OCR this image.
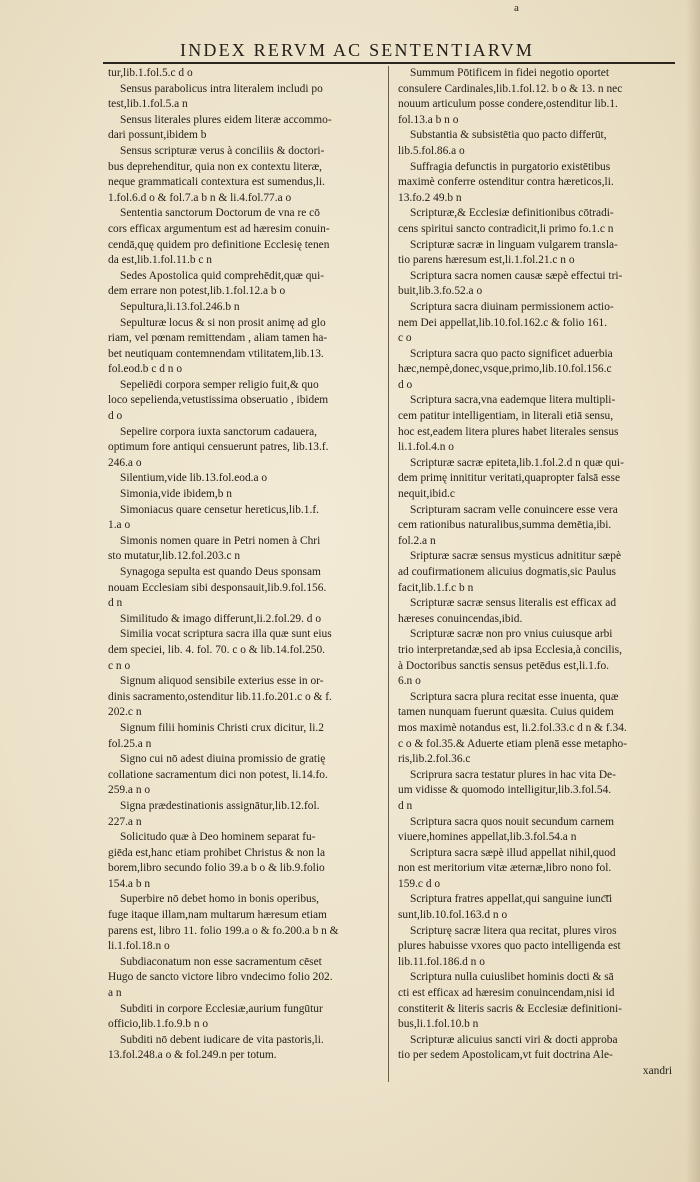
a
INDEX RERVM AC SENTENTIARVM
tur,lib.1.fol.5.c d o
Sensus parabolicus intra literalem includi po
test,lib.1.fol.5.a n
Sensus literales plures eidem literæ accommo-
dari possunt,ibidem b
Sensus scripturæ verus à conciliis & doctori-
bus deprehenditur, quia non ex contextu literæ,
neque grammaticali contextura est sumendus,li.
1.fol.6.d o & fol.7.a b n & li.4.fol.77.a o
Sententia sanctorum Doctorum de vna re cō
cors efficax argumentum est ad hæresim conuin-
cendā,quę quidem pro definitione Ecclesię tenen
da est,lib.1.fol.11.b c n
Sedes Apostolica quid comprehēdit,quæ qui-
dem errare non potest,lib.1.fol.12.a b o
Sepultura,li.13.fol.246.b n
Sepulturæ locus & si non prosit animę ad glo
riam, vel pœnam remittendam , aliam tamen ha-
bet neutiquam contemnendam vtilitatem,lib.13.
fol.eod.b c d n o
Sepeliēdi corpora semper religio fuit,& quo
loco sepelienda,vetustissima obseruatio , ibidem
d o
Sepelire corpora iuxta sanctorum cadauera,
optimum fore antiqui censuerunt patres, lib.13.f.
246.a o
Silentium,vide lib.13.fol.eod.a o
Simonia,vide ibidem,b n
Simoniacus quare censetur hereticus,lib.1.f.
1.a o
Simonis nomen quare in Petri nomen à Chri
sto mutatur,lib.12.fol.203.c n
Synagoga sepulta est quando Deus sponsam
nouam Ecclesiam sibi desponsauit,lib.9.fol.156.
d n
Similitudo & imago differunt,li.2.fol.29. d o
Similia vocat scriptura sacra illa quæ sunt eius
dem speciei, lib. 4. fol. 70. c o & lib.14.fol.250.
c n o
Signum aliquod sensibile exterius esse in or-
dinis sacramento,ostenditur lib.11.fo.201.c o & f.
202.c n
Signum filii hominis Christi crux dicitur, li.2
fol.25.a n
Signo cui nō adest diuina promissio de gratię
collatione sacramentum dici non potest, li.14.fo.
259.a n o
Signa prædestinationis assignātur,lib.12.fol.
227.a n
Solicitudo quæ à Deo hominem separat fu-
giēda est,hanc etiam prohibet Christus & non la
borem,libro secundo folio 39.a b o & lib.9.folio
154.a b n
Superbire nō debet homo in bonis operibus,
fuge itaque illam,nam multarum hæresum etiam
parens est, libro 11. folio 199.a o & fo.200.a b n &
li.1.fol.18.n o
Subdiaconatum non esse sacramentum cēset
Hugo de sancto victore libro vndecimo folio 202.
a n
Subditi in corpore Ecclesiæ,aurium fungūtur
officio,lib.1.fo.9.b n o
Subditi nō debent iudicare de vita pastoris,li.
13.fol.248.a o & fol.249.n per totum.
Summum Pōtificem in fidei negotio oportet
consulere Cardinales,lib.1.fol.12. b o & 13. n nec
nouum articulum posse condere,ostenditur lib.1.
fol.13.a b n o
Substantia & subsistētia quo pacto differūt,
lib.5.fol.86.a o
Suffragia defunctis in purgatorio existētibus
maximè conferre ostenditur contra hæreticos,li.
13.fo.2 49.b n
Scripturæ,& Ecclesiæ definitionibus cōtradi-
cens spiritui sancto contradicit,li primo fo.1.c n
Scripturæ sacræ in linguam vulgarem transla-
tio parens hæresum est,li.1.fol.21.c n o
Scriptura sacra nomen causæ sæpè effectui tri-
buit,lib.3.fo.52.a o
Scriptura sacra diuinam permissionem actio-
nem Dei appellat,lib.10.fol.162.c & folio 161.
c o
Scriptura sacra quo pacto significet aduerbia
hæc,nempè,donec,vsque,primo,lib.10.fol.156.c
d o
Scriptura sacra,vna eademque litera multipli-
cem patitur intelligentiam, in literali etiā sensu,
hoc est,eadem litera plures habet literales sensus
li.1.fol.4.n o
Scripturæ sacræ epiteta,lib.1.fol.2.d n quæ qui-
dem primę innititur veritati,quapropter falsā esse
nequit,ibid.c
Scripturam sacram velle conuincere esse vera
cem rationibus naturalibus,summa demētia,ibi.
fol.2.a n
Sripturæ sacræ sensus mysticus adnititur sæpè
ad coufirmationem alicuius dogmatis,sic Paulus
facit,lib.1.f.c b n
Scripturæ sacræ sensus literalis est efficax ad
hæreses conuincendas,ibid.
Scripturæ sacræ non pro vnius cuiusque arbi
trio interpretandæ,sed ab ipsa Ecclesia,à concilis,
à Doctoribus sanctis sensus petēdus est,li.1.fo.
6.n o
Scriptura sacra plura recitat esse inuenta, quæ
tamen nunquam fuerunt quæsita. Cuius quidem
mos maximè notandus est, li.2.fol.33.c d n & f.34.
c o & fol.35.& Aduerte etiam plenā esse metapho-
ris,lib.2.fol.36.c
Scriprura sacra testatur plures in hac vita De-
um vidisse & quomodo intelligitur,lib.3.fol.54.
d n
Scriptura sacra quos nouit secundum carnem
viuere,homines appellat,lib.3.fol.54.a n
Scriptura sacra sæpè illud appellat nihil,quod
non est meritorium vitæ æternæ,libro nono fol.
159.c d o
Scriptura fratres appellat,qui sanguine iunc͞ti
sunt,lib.10.fol.163.d n o
Scripturę sacræ litera qua recitat, plures viros
plures habuisse vxores quo pacto intelligenda est
lib.11.fol.186.d n o
Scriptura nulla cuiuslibet hominis docti & sā
cti est efficax ad hæresim conuincendam,nisi id
constiterit & literis sacris & Ecclesiæ definitioni-
bus,li.1.fol.10.b n
Scripturæ alicuius sancti viri & docti approba
tio per sedem Apostolicam,vt fuit doctrina Ale-
xandri
